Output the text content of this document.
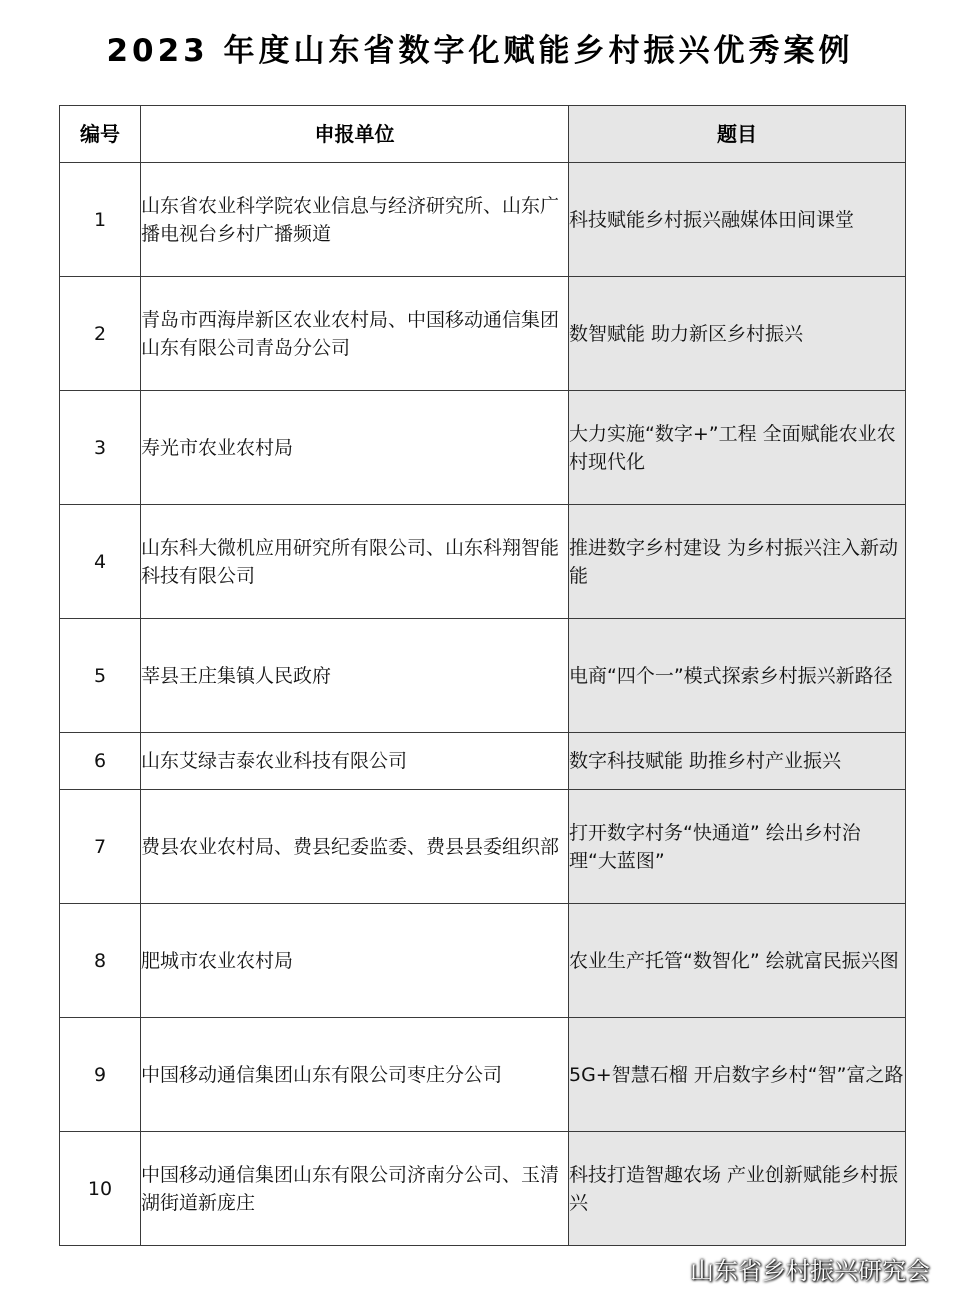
2023 年度山东省数字化赋能乡村振兴优秀案例
编号	申报单位	题目
1	山东省农业科学院农业信息与经济研究所、山东广播电视台乡村广播频道	科技赋能乡村振兴融媒体田间课堂
2	青岛市西海岸新区农业农村局、中国移动通信集团山东有限公司青岛分公司	数智赋能 助力新区乡村振兴
3	寿光市农业农村局	大力实施“数字+”工程 全面赋能农业农村现代化
4	山东科大微机应用研究所有限公司、山东科翔智能科技有限公司	推进数字乡村建设 为乡村振兴注入新动能
5	莘县王庄集镇人民政府	电商“四个一”模式探索乡村振兴新路径
6	山东艾绿吉泰农业科技有限公司	数字科技赋能 助推乡村产业振兴
7	费县农业农村局、费县纪委监委、费县县委组织部	打开数字村务“快通道” 绘出乡村治理“大蓝图”
8	肥城市农业农村局	农业生产托管“数智化” 绘就富民振兴图
9	中国移动通信集团山东有限公司枣庄分公司	5G+智慧石榴 开启数字乡村“智”富之路
10	中国移动通信集团山东有限公司济南分公司、玉清湖街道新庞庄	科技打造智趣农场 产业创新赋能乡村振兴
山东省乡村振兴研究会
